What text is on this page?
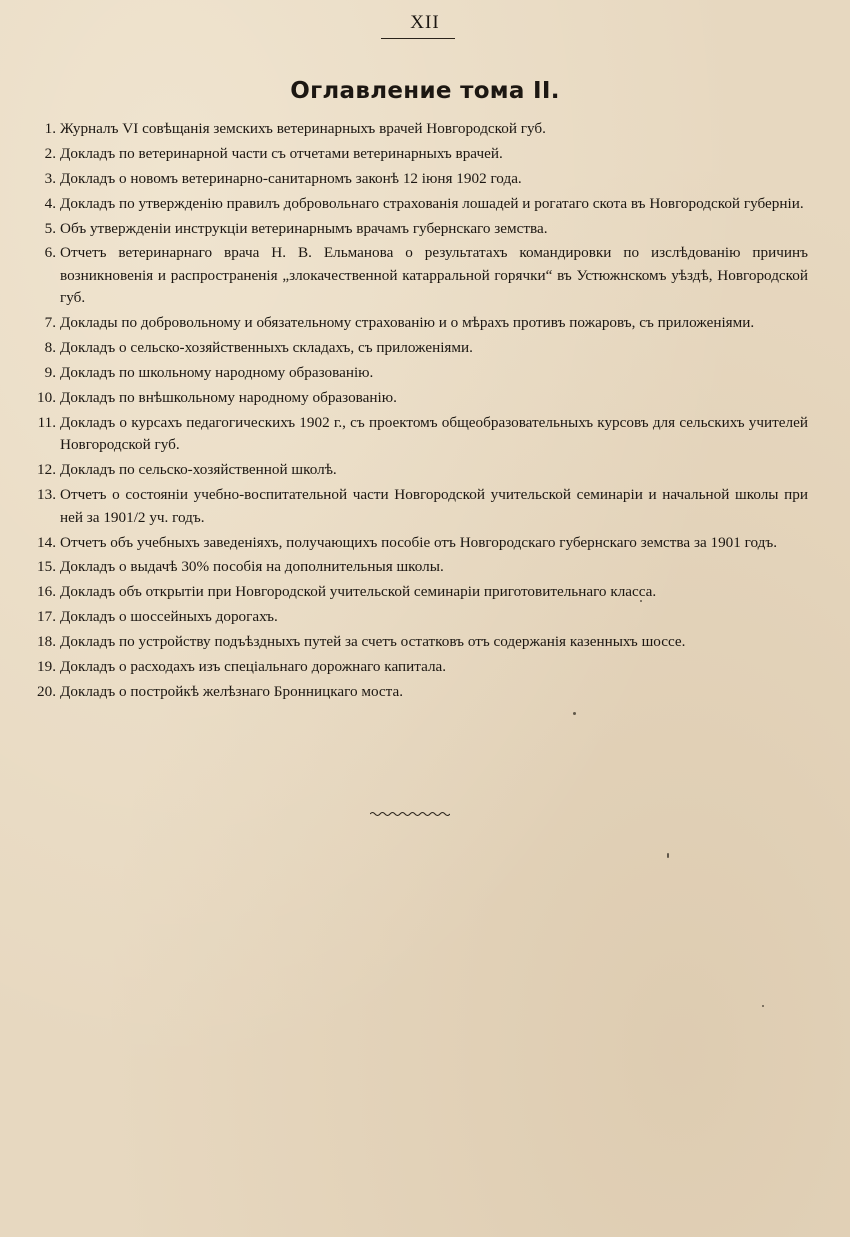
XII
Оглавление тома II.
1. Журналъ VI совѣщанія земскихъ ветеринарныхъ врачей Новгородской губ.
2. Докладъ по ветеринарной части съ отчетами ветеринарныхъ врачей.
3. Докладъ о новомъ ветеринарно-санитарномъ законѣ 12 іюня 1902 года.
4. Докладъ по утвержденію правилъ добровольнаго страхованія лошадей и рогатаго скота въ Новгородской губерніи.
5. Объ утвержденіи инструкціи ветеринарнымъ врачамъ губернскаго земства.
6. Отчетъ ветеринарнаго врача Н. В. Ельманова о результатахъ командировки по изслѣдованію причинъ возникновенія и распространенія „злокачественной катарральной горячки“ въ Устюжнскомъ уѣздѣ, Новгородской губ.
7. Доклады по добровольному и обязательному страхованію и о мѣрахъ противъ пожаровъ, съ приложеніями.
8. Докладъ о сельско-хозяйственныхъ складахъ, съ приложеніями.
9. Докладъ по школьному народному образованію.
10. Докладъ по внѣшкольному народному образованію.
11. Докладъ о курсахъ педагогическихъ 1902 г., съ проектомъ общеобразовательныхъ курсовъ для сельскихъ учителей Новгородской губ.
12. Докладъ по сельско-хозяйственной школѣ.
13. Отчетъ о состояніи учебно-воспитательной части Новгородской учительской семинаріи и начальной школы при ней за 1901/2 уч. годъ.
14. Отчетъ объ учебныхъ заведеніяхъ, получающихъ пособіе отъ Новгородскаго губернскаго земства за 1901 годъ.
15. Докладъ о выдачѣ 30% пособія на дополнительныя школы.
16. Докладъ объ открытіи при Новгородской учительской семинаріи приготовительнаго класса.
17. Докладъ о шоссейныхъ дорогахъ.
18. Докладъ по устройству подъѣздныхъ путей за счетъ остатковъ отъ содержанія казенныхъ шоссе.
19. Докладъ о расходахъ изъ спеціальнаго дорожнаго капитала.
20. Докладъ о постройкѣ желѣзнаго Бронницкаго моста.
